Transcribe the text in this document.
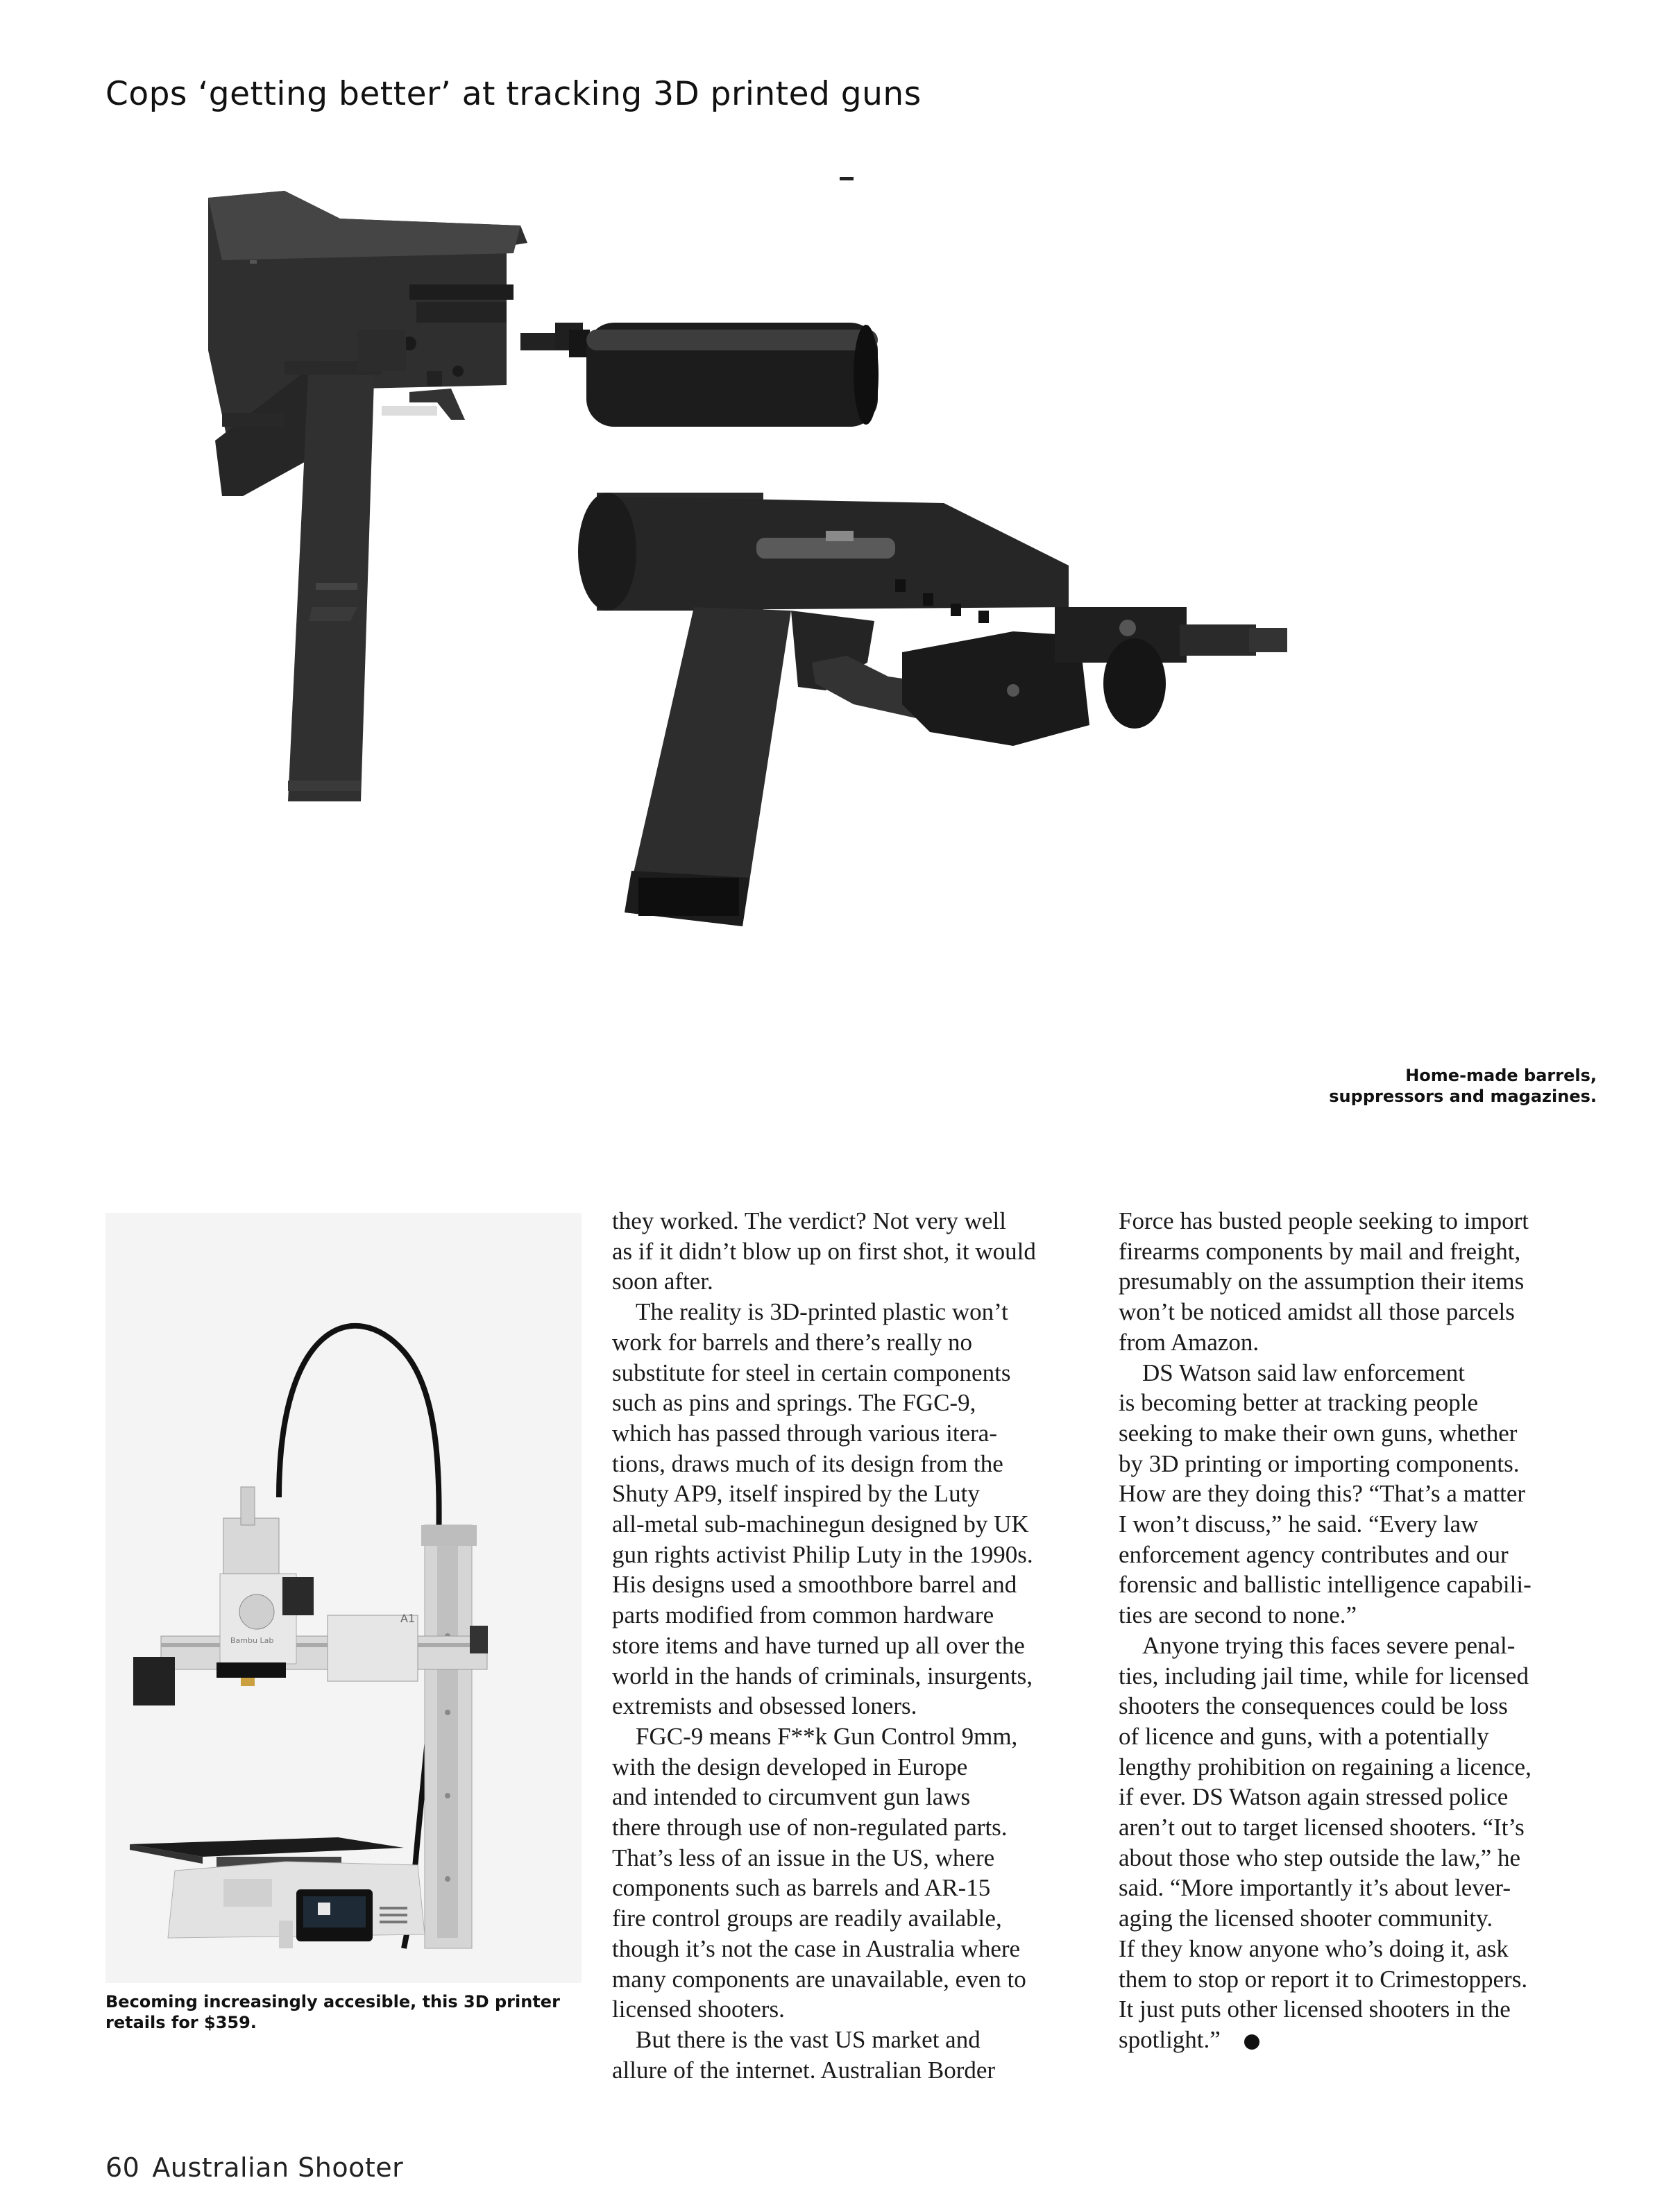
Cops ‘getting better’ at tracking 3D printed guns
Home-made barrels,
suppressors and magazines.
A1
Bambu Lab
Becoming increasingly accesible, this 3D printer retails for $359.

they worked. The verdict? Not very well
as if it didn’t blow up on first shot, it would
soon after.

The reality is 3D-printed plastic won’t
work for barrels and there’s really no
substitute for steel in certain components
such as pins and springs. The FGC-9,
which has passed through various itera-
tions, draws much of its design from the
Shuty AP9, itself inspired by the Luty
all-metal sub-machinegun designed by UK
gun rights activist Philip Luty in the 1990s.
His designs used a smoothbore barrel and
parts modified from common hardware
store items and have turned up all over the
world in the hands of criminals, insurgents,
extremists and obsessed loners.

FGC-9 means F**k Gun Control 9mm,
with the design developed in Europe
and intended to circumvent gun laws
there through use of non-regulated parts.
That’s less of an issue in the US, where
components such as barrels and AR-15
fire control groups are readily available,
though it’s not the case in Australia where
many components are unavailable, even to
licensed shooters.

But there is the vast US market and
allure of the internet. Australian Border

Force has busted people seeking to import
firearms components by mail and freight,
presumably on the assumption their items
won’t be noticed amidst all those parcels
from Amazon.

DS Watson said law enforcement
is becoming better at tracking people
seeking to make their own guns, whether
by 3D printing or importing components.
How are they doing this? “That’s a matter
I won’t discuss,” he said. “Every law
enforcement agency contributes and our
forensic and ballistic intelligence capabili-
ties are second to none.”

Anyone trying this faces severe penal-
ties, including jail time, while for licensed
shooters the consequences could be loss
of licence and guns, with a potentially
lengthy prohibition on regaining a licence,
if ever. DS Watson again stressed police
aren’t out to target licensed shooters. “It’s
about those who step outside the law,” he
said. “More importantly it’s about lever-
aging the licensed shooter community.
If they know anyone who’s doing it, ask
them to stop or report it to Crimestoppers.
It just puts other licensed shooters in the
spotlight.”

60 Australian Shooter
